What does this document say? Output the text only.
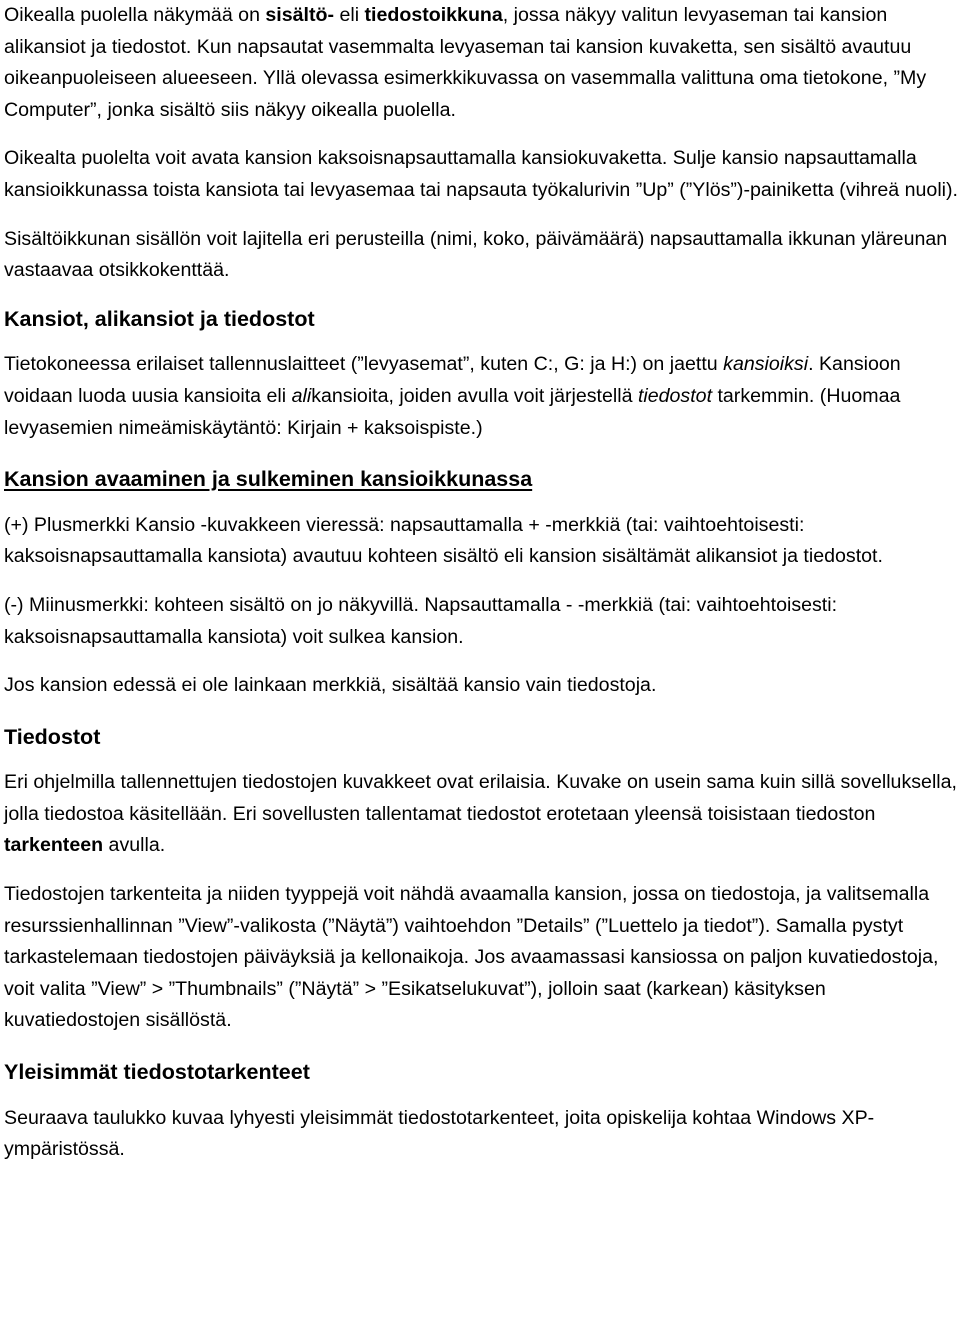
Oikealla puolella näkymää on sisältö- eli tiedostoikkuna, jossa näkyy valitun levyaseman tai kansion alikansiot ja tiedostot. Kun napsautat vasemmalta levyaseman tai kansion kuvaketta, sen sisältö avautuu oikeanpuoleiseen alueeseen. Yllä olevassa esimerkkikuvassa on vasemmalla valittuna oma tietokone, ”My Computer”, jonka sisältö siis näkyy oikealla puolella.

Oikealta puolelta voit avata kansion kaksoisnapsauttamalla kansiokuvaketta. Sulje kansio napsauttamalla kansioikkunassa toista kansiota tai levyasemaa tai napsauta työkalurivin ”Up” (”Ylös”)-painiketta (vihreä nuoli).

Sisältöikkunan sisällön voit lajitella eri perusteilla (nimi, koko, päivämäärä) napsauttamalla ikkunan yläreunan vastaavaa otsikkokenttää.

Kansiot, alikansiot ja tiedostot

Tietokoneessa erilaiset tallennuslaitteet (”levyasemat”, kuten C:, G: ja H:) on jaettu kansioiksi. Kansioon voidaan luoda uusia kansioita eli alikansioita, joiden avulla voit järjestellä tiedostot tarkemmin. (Huomaa levyasemien nimeämiskäytäntö: Kirjain + kaksoispiste.)

Kansion avaaminen ja sulkeminen kansioikkunassa

(+) Plusmerkki Kansio -kuvakkeen vieressä: napsauttamalla + -merkkiä (tai: vaihtoehtoisesti: kaksoisnapsauttamalla kansiota) avautuu kohteen sisältö eli kansion sisältämät alikansiot ja tiedostot.

(-) Miinusmerkki: kohteen sisältö on jo näkyvillä. Napsauttamalla - -merkkiä (tai: vaihtoehtoisesti: kaksoisnapsauttamalla kansiota) voit sulkea kansion.

Jos kansion edessä ei ole lainkaan merkkiä, sisältää kansio vain tiedostoja.

Tiedostot

Eri ohjelmilla tallennettujen tiedostojen kuvakkeet ovat erilaisia. Kuvake on usein sama kuin sillä sovelluksella, jolla tiedostoa käsitellään. Eri sovellusten tallentamat tiedostot erotetaan yleensä toisistaan tiedoston tarkenteen avulla.

Tiedostojen tarkenteita ja niiden tyyppejä voit nähdä avaamalla kansion, jossa on tiedostoja, ja valitsemalla resurssienhallinnan ”View”-valikosta (”Näytä”) vaihtoehdon ”Details” (”Luettelo ja tiedot”). Samalla pystyt tarkastelemaan tiedostojen päiväyksiä ja kellonaikoja. Jos avaamassasi kansiossa on paljon kuvatiedostoja, voit valita ”View” > ”Thumbnails” (”Näytä” > ”Esikatselukuvat”), jolloin saat (karkean) käsityksen kuvatiedostojen sisällöstä.

Yleisimmät tiedostotarkenteet

Seuraava taulukko kuvaa lyhyesti yleisimmät tiedostotarkenteet, joita opiskelija kohtaa Windows XP-ympäristössä.
